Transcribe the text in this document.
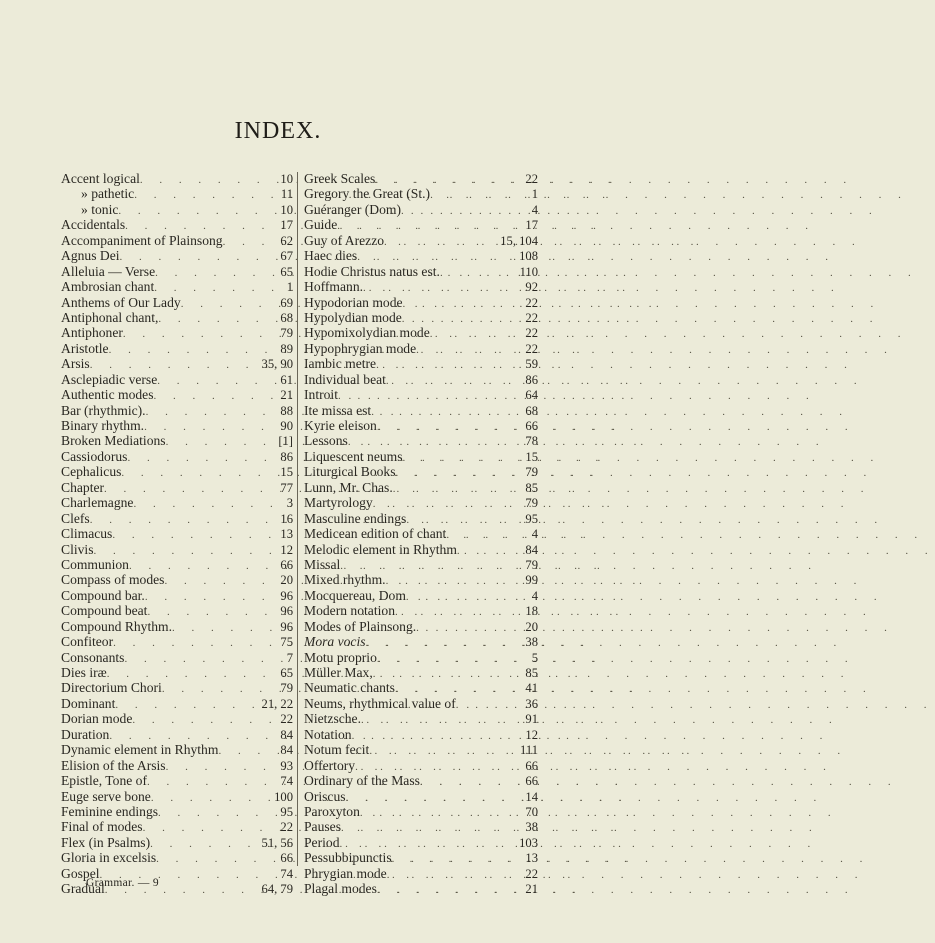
INDEX.
Accent logical . . .	10
» pathetic . . .	11
» tonic . . .	10
Accidentals . . .	17
Accompaniment of Plainsong . . .	62
Agnus Dei . . .	67
Alleluia — Verse . . .	65
Ambrosian chant . . .	1
Anthems of Our Lady . . .	69
Antiphonal chant, . . .	68
Antiphoner . . .	79
Aristotle . . .	89
Arsis . . .	35, 90
Asclepiadic verse . . .	61
Authentic modes . . .	21
Bar (rhythmic). . . .	88
Binary rhythm. . . .	90
Broken Mediations . . .	[1]
Cassiodorus . . .	86
Cephalicus . . .	15
Chapter . . .	77
Charlemagne . . .	3
Clefs . . .	16
Climacus . . .	13
Clivis . . .	12
Communion . . .	66
Compass of modes . . .	20
Compound bar. . . .	96
Compound beat . . .	96
Compound Rhythm. . . .	96
Confiteor . . .	75
Consonants . . .	7
Dies iræ . . .	65
Directorium Chori . . .	79
Dominant . . .	21, 22
Dorian mode . . .	22
Duration . . .	84
Dynamic element in Rhythm . . .	84
Elision of the Arsis . . .	93
Epistle, Tone of . . .	74
Euge serve bone . . .	100
Feminine endings . . .	95
Final of modes . . .	22
Flex (in Psalms) . . .	51, 56
Gloria in excelsis . . .	66
Gospel . . .	74
Gradual . . .	64, 79
Greek Scales . . .	22
Gregory the Great (St.) . . .	1
Guéranger (Dom) . . .	4
Guide . . .	17
Guy of Arezzo . . .	15, 104
Haec dies . . .	108
Hodie Christus natus est. . . .	110
Hoffmann. . . .	92
Hypodorian mode . . .	22
Hypolydian mode . . .	22
Hypomixolydian mode . . .	22
Hypophrygian mode . . .	22
Iambic metre . . .	59
Individual beat . . .	86
Introit . . .	64
Ite missa est . . .	68
Kyrie eleison . . .	66
Lessons . . .	78
Liquescent neums . . .	15
Liturgical Books . . .	79
Lunn, Mr. Chas. . . .	85
Martyrology . . .	79
Masculine endings . . .	95
Medicean edition of chant . . .	4
Melodic element in Rhythm . . .	84
Missal . . .	79
Mixed rhythm. . . .	99
Mocquereau, Dom . . .	4
Modern notation . . .	18
Modes of Plainsong. . . .	20
Mora vocis . . .	38
Motu proprio . . .	5
Müller Max, . . .	85
Neumatic chants . . .	41
Neums, rhythmical value of . . .	36
Nietzsche. . . .	91
Notation . . .	12
Notum fecit . . .	111
Offertory . . .	66
Ordinary of the Mass . . .	66
Oriscus . . .	14
Paroxyton . . .	70
Pauses . . .	38
Period . . .	103
Pessubbipunctis . . .	13
Phrygian mode . . .	22
Plagal modes . . .	21
Grammar. — 9
